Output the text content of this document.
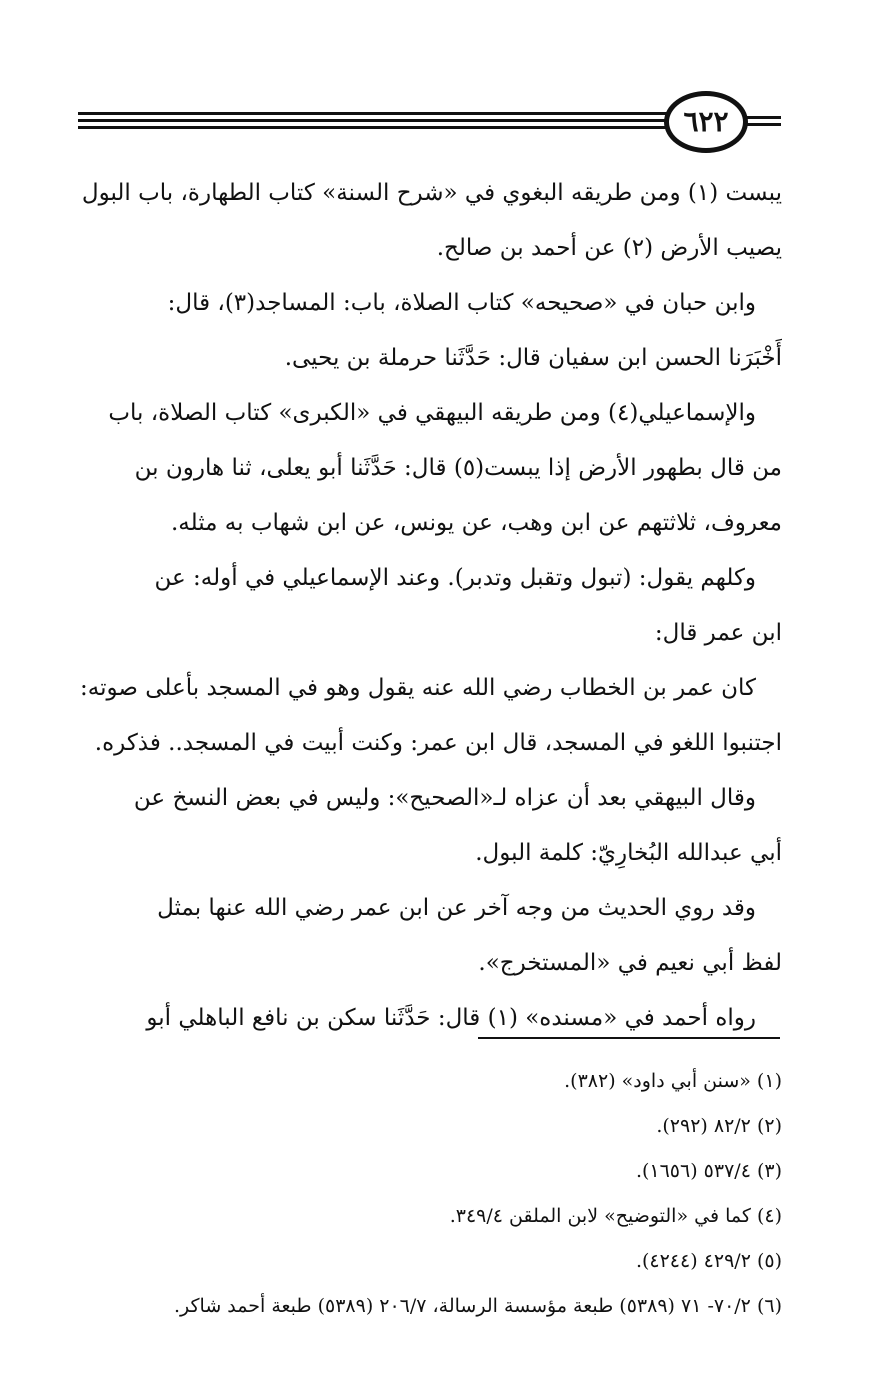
٦٢٢
يبست (١) ومن طريقه البغوي في «شرح السنة» كتاب الطهارة، باب البول
يصيب الأرض (٢) عن أحمد بن صالح.
وابن حبان في «صحيحه» كتاب الصلاة، باب: المساجد(٣)، قال:
أَخْبَرَنا الحسن ابن سفيان قال: حَدَّثَنا حرملة بن يحيى.
والإسماعيلي(٤) ومن طريقه البيهقي في «الكبرى» كتاب الصلاة، باب
من قال بطهور الأرض إذا يبست(٥) قال: حَدَّثَنا أبو يعلى، ثنا هارون بن
معروف، ثلاثتهم عن ابن وهب، عن يونس، عن ابن شهاب به مثله.
وكلهم يقول: (تبول وتقبل وتدبر). وعند الإسماعيلي في أوله: عن
ابن عمر قال:
كان عمر بن الخطاب رضي الله عنه يقول وهو في المسجد بأعلى صوته:
اجتنبوا اللغو في المسجد، قال ابن عمر: وكنت أبيت في المسجد.. فذكره.
وقال البيهقي بعد أن عزاه لـ«الصحيح»: وليس في بعض النسخ عن
أبي عبدالله البُخارِيّ: كلمة البول.
وقد روي الحديث من وجه آخر عن ابن عمر رضي الله عنها بمثل
لفظ أبي نعيم في «المستخرج».
رواه أحمد في «مسنده» (١) قال: حَدَّثَنا سكن بن نافع الباهلي أبو
(١) «سنن أبي داود» (٣٨٢).
(٢) ٨٢/٢ (٢٩٢).
(٣) ٥٣٧/٤ (١٦٥٦).
(٤) كما في «التوضيح» لابن الملقن ٣٤٩/٤.
(٥) ٤٢٩/٢ (٤٢٤٤).
(٦) ٧٠/٢- ٧١ (٥٣٨٩) طبعة مؤسسة الرسالة، ٢٠٦/٧ (٥٣٨٩) طبعة أحمد شاكر.
